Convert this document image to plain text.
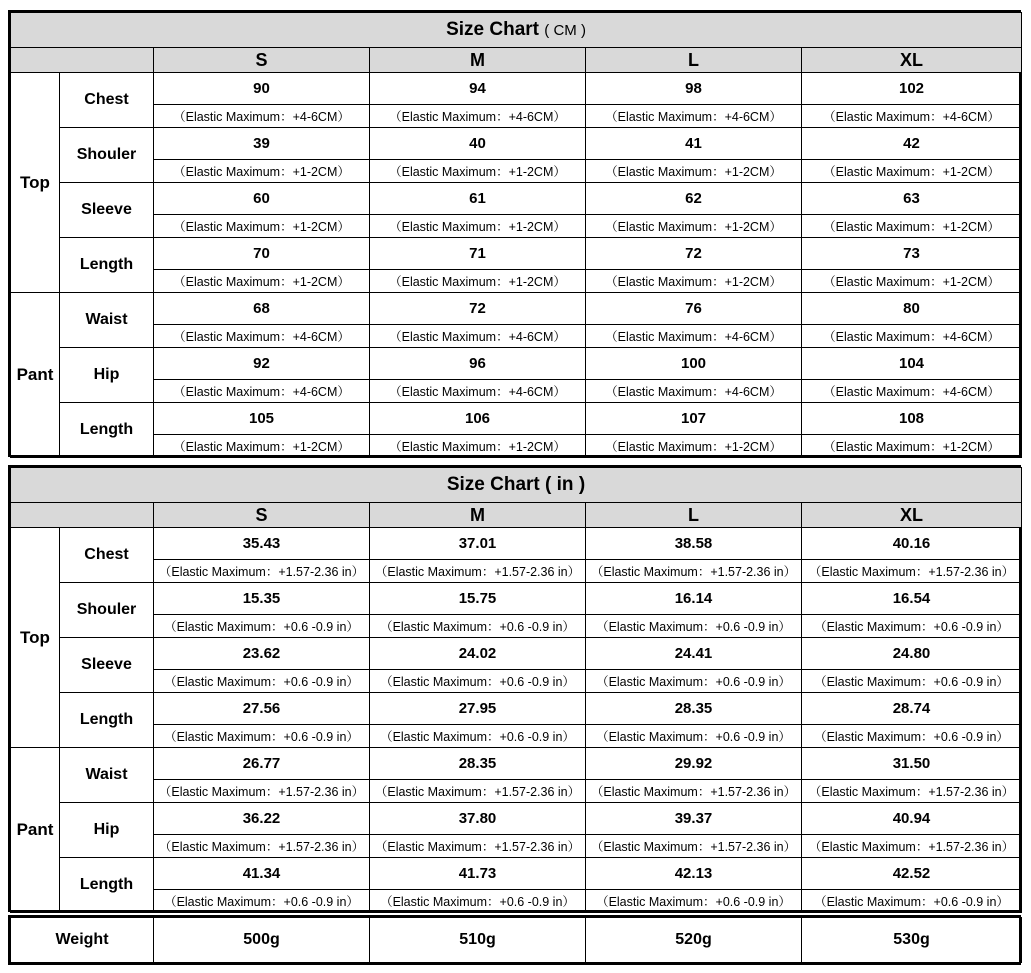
Size Chart ( CM )					
		S	M	L	XL
Top	Chest	90	94	98	102
		（Elastic Maximum：+4-6CM）	（Elastic Maximum：+4-6CM）	（Elastic Maximum：+4-6CM）	（Elastic Maximum：+4-6CM）
	Shouler	39	40	41	42
		（Elastic Maximum：+1-2CM）	（Elastic Maximum：+1-2CM）	（Elastic Maximum：+1-2CM）	（Elastic Maximum：+1-2CM）
	Sleeve	60	61	62	63
		（Elastic Maximum：+1-2CM）	（Elastic Maximum：+1-2CM）	（Elastic Maximum：+1-2CM）	（Elastic Maximum：+1-2CM）
	Length	70	71	72	73
		（Elastic Maximum：+1-2CM）	（Elastic Maximum：+1-2CM）	（Elastic Maximum：+1-2CM）	（Elastic Maximum：+1-2CM）
Pant	Waist	68	72	76	80
		（Elastic Maximum：+4-6CM）	（Elastic Maximum：+4-6CM）	（Elastic Maximum：+4-6CM）	（Elastic Maximum：+4-6CM）
	Hip	92	96	100	104
		（Elastic Maximum：+4-6CM）	（Elastic Maximum：+4-6CM）	（Elastic Maximum：+4-6CM）	（Elastic Maximum：+4-6CM）
	Length	105	106	107	108
		（Elastic Maximum：+1-2CM）	（Elastic Maximum：+1-2CM）	（Elastic Maximum：+1-2CM）	（Elastic Maximum：+1-2CM）
Size Chart ( in )					
		S	M	L	XL
Top	Chest	35.43	37.01	38.58	40.16
		（Elastic Maximum：+1.57-2.36 in）	（Elastic Maximum：+1.57-2.36 in）	（Elastic Maximum：+1.57-2.36 in）	（Elastic Maximum：+1.57-2.36 in）
	Shouler	15.35	15.75	16.14	16.54
		（Elastic Maximum：+0.6 -0.9 in）	（Elastic Maximum：+0.6 -0.9 in）	（Elastic Maximum：+0.6 -0.9 in）	（Elastic Maximum：+0.6 -0.9 in）
	Sleeve	23.62	24.02	24.41	24.80
		（Elastic Maximum：+0.6 -0.9 in）	（Elastic Maximum：+0.6 -0.9 in）	（Elastic Maximum：+0.6 -0.9 in）	（Elastic Maximum：+0.6 -0.9 in）
	Length	27.56	27.95	28.35	28.74
		（Elastic Maximum：+0.6 -0.9 in）	（Elastic Maximum：+0.6 -0.9 in）	（Elastic Maximum：+0.6 -0.9 in）	（Elastic Maximum：+0.6 -0.9 in）
Pant	Waist	26.77	28.35	29.92	31.50
		（Elastic Maximum：+1.57-2.36 in）	（Elastic Maximum：+1.57-2.36 in）	（Elastic Maximum：+1.57-2.36 in）	（Elastic Maximum：+1.57-2.36 in）
	Hip	36.22	37.80	39.37	40.94
		（Elastic Maximum：+1.57-2.36 in）	（Elastic Maximum：+1.57-2.36 in）	（Elastic Maximum：+1.57-2.36 in）	（Elastic Maximum：+1.57-2.36 in）
	Length	41.34	41.73	42.13	42.52
		（Elastic Maximum：+0.6 -0.9 in）	（Elastic Maximum：+0.6 -0.9 in）	（Elastic Maximum：+0.6 -0.9 in）	（Elastic Maximum：+0.6 -0.9 in）
Weight	500g	510g	520g	530g
